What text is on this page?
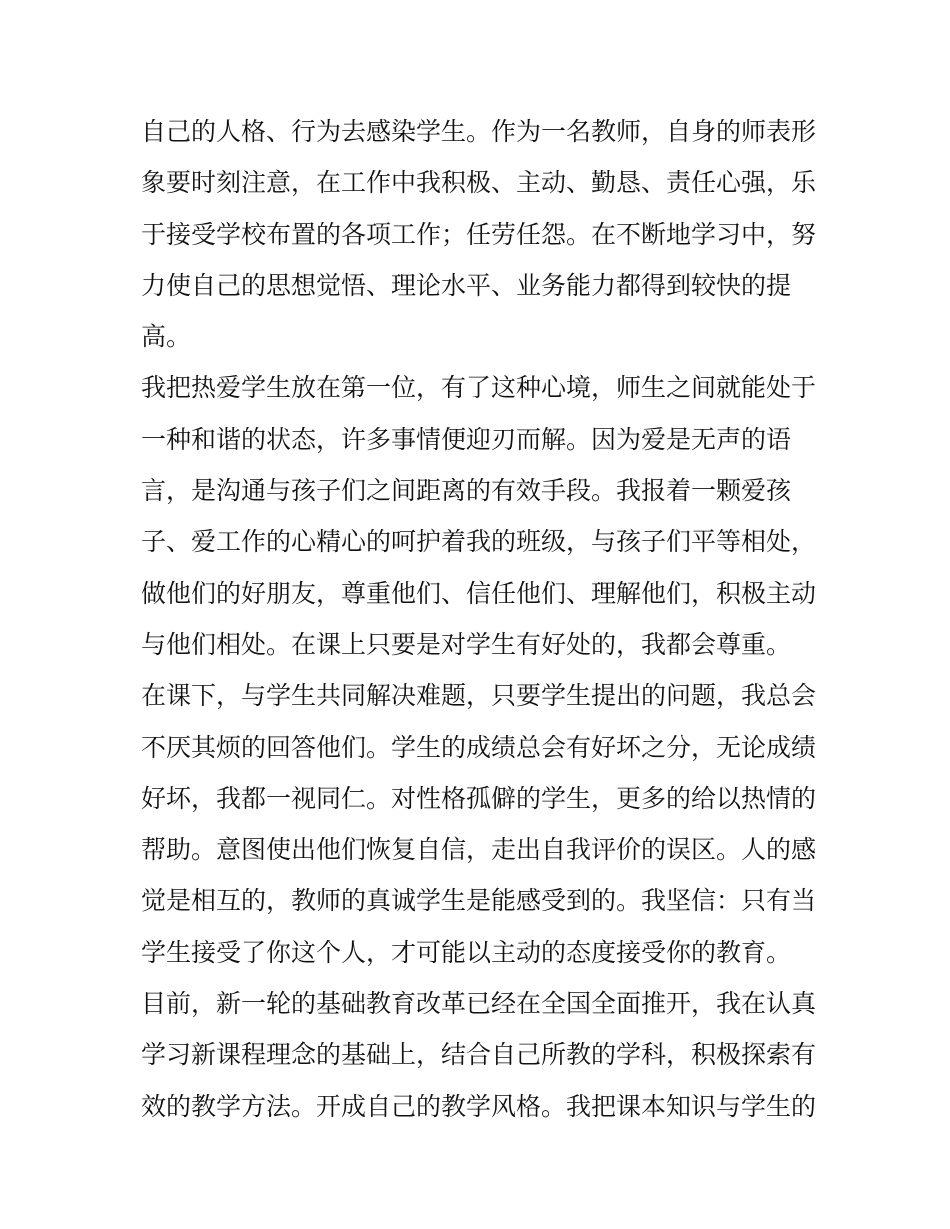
自己的人格、行为去感染学生。作为一名教师，自身的师表形
象要时刻注意，在工作中我积极、主动、勤恳、责任心强，乐
于接受学校布置的各项工作；任劳任怨。在不断地学习中，努
力使自己的思想觉悟、理论水平、业务能力都得到较快的提
高。
我把热爱学生放在第一位，有了这种心境，师生之间就能处于
一种和谐的状态，许多事情便迎刃而解。因为爱是无声的语
言，是沟通与孩子们之间距离的有效手段。我报着一颗爱孩
子、爱工作的心精心的呵护着我的班级，与孩子们平等相处，
做他们的好朋友，尊重他们、信任他们、理解他们，积极主动
与他们相处。在课上只要是对学生有好处的，我都会尊重。
在课下，与学生共同解决难题，只要学生提出的问题，我总会
不厌其烦的回答他们。学生的成绩总会有好坏之分，无论成绩
好坏，我都一视同仁。对性格孤僻的学生，更多的给以热情的
帮助。意图使出他们恢复自信，走出自我评价的误区。人的感
觉是相互的，教师的真诚学生是能感受到的。我坚信：只有当
学生接受了你这个人，才可能以主动的态度接受你的教育。
目前，新一轮的基础教育改革已经在全国全面推开，我在认真
学习新课程理念的基础上，结合自己所教的学科，积极探索有
效的教学方法。开成自己的教学风格。我把课本知识与学生的
